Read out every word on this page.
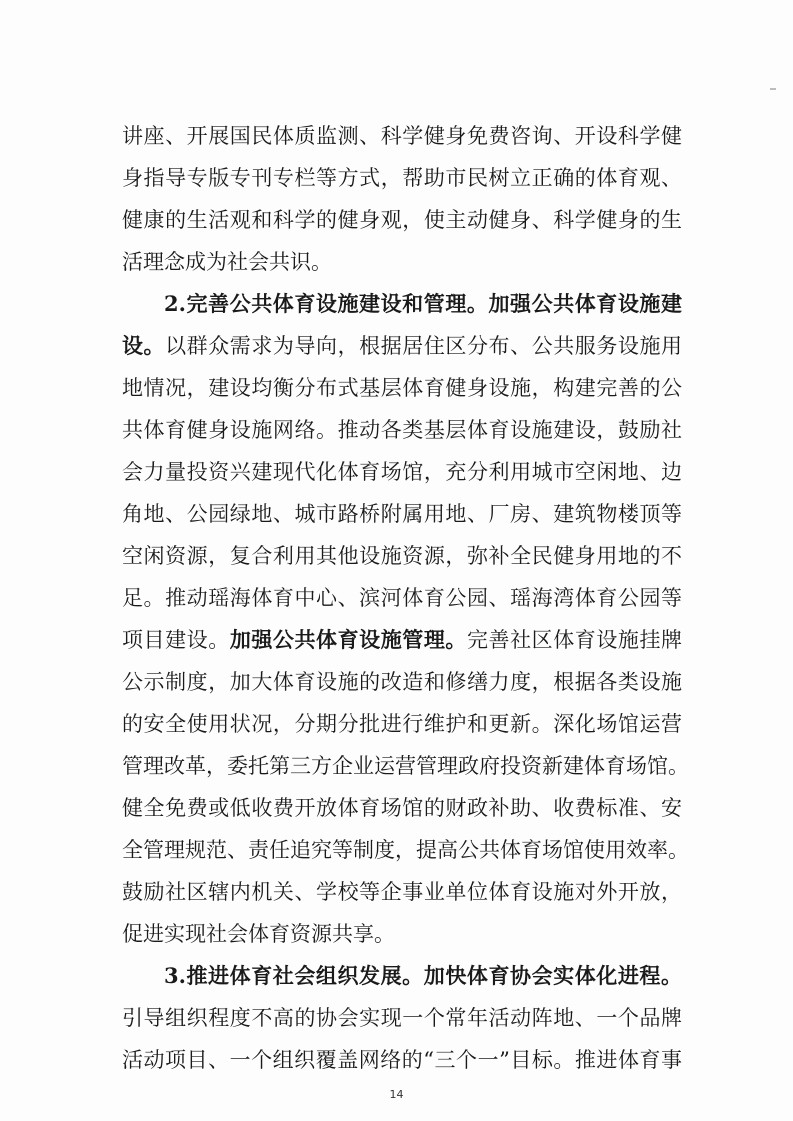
讲座、开展国民体质监测、科学健身免费咨询、开设科学健
身指导专版专刊专栏等方式，帮助市民树立正确的体育观、
健康的生活观和科学的健身观，使主动健身、科学健身的生
活理念成为社会共识。
2.完善公共体育设施建设和管理。加强公共体育设施建
设。以群众需求为导向，根据居住区分布、公共服务设施用
地情况，建设均衡分布式基层体育健身设施，构建完善的公
共体育健身设施网络。推动各类基层体育设施建设，鼓励社
会力量投资兴建现代化体育场馆，充分利用城市空闲地、边
角地、公园绿地、城市路桥附属用地、厂房、建筑物楼顶等
空闲资源，复合利用其他设施资源，弥补全民健身用地的不
足。推动瑶海体育中心、滨河体育公园、瑶海湾体育公园等
项目建设。加强公共体育设施管理。完善社区体育设施挂牌
公示制度，加大体育设施的改造和修缮力度，根据各类设施
的安全使用状况，分期分批进行维护和更新。深化场馆运营
管理改革，委托第三方企业运营管理政府投资新建体育场馆。
健全免费或低收费开放体育场馆的财政补助、收费标准、安
全管理规范、责任追究等制度，提高公共体育场馆使用效率。
鼓励社区辖内机关、学校等企事业单位体育设施对外开放，
促进实现社会体育资源共享。
3.推进体育社会组织发展。加快体育协会实体化进程。
引导组织程度不高的协会实现一个常年活动阵地、一个品牌
活动项目、一个组织覆盖网络的“三个一”目标。推进体育事
14
